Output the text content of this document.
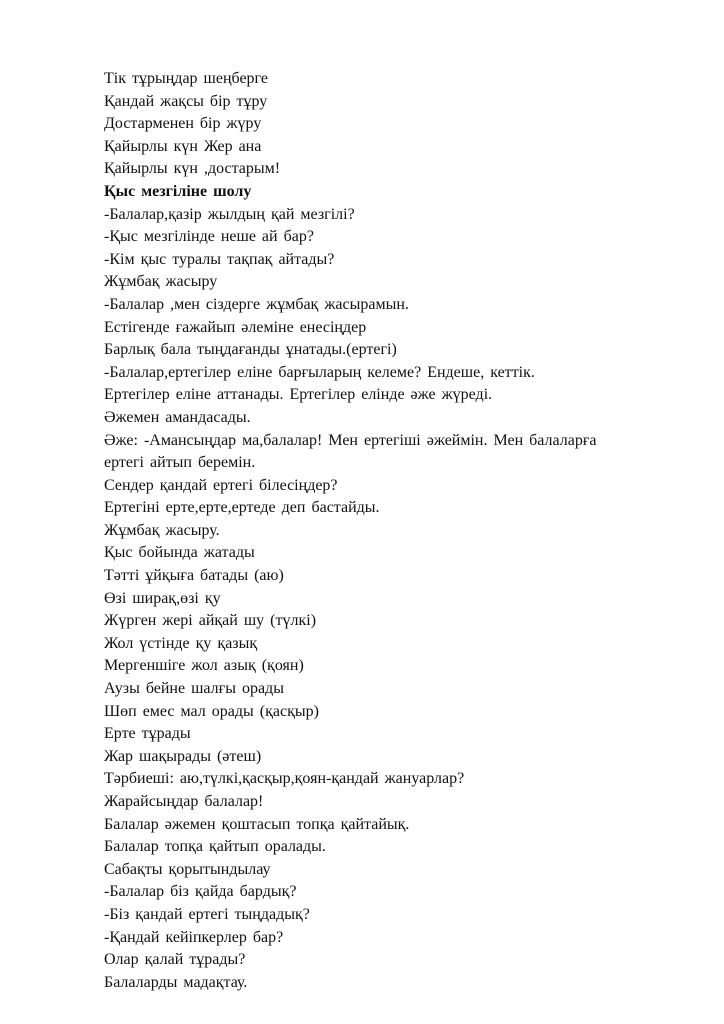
Тік тұрыңдар шеңберге
Қандай жақсы бір тұру
Достарменен бір жүру
Қайырлы күн Жер ана
Қайырлы күн ,достарым!
Қыс мезгіліне шолу
-Балалар,қазір жылдың қай мезгілі?
-Қыс мезгілінде неше ай бар?
-Кім қыс туралы тақпақ айтады?
Жұмбақ жасыру
-Балалар ,мен сіздерге жұмбақ жасырамын.
Естігенде ғажайып әлеміне енесіңдер
Барлық бала тыңдағанды ұнатады.(ертегі)
-Балалар,ертегілер еліне барғыларың келеме? Ендеше, кеттік.
Ертегілер еліне аттанады. Ертегілер елінде әже жүреді.
Әжемен амандасады.
Әже: -Амансыңдар ма,балалар! Мен ертегіші әжеймін. Мен балаларға
ертегі айтып беремін.
Сендер қандай ертегі білесіңдер?
Ертегіні ерте,ерте,ертеде деп бастайды.
Жұмбақ жасыру.
Қыс бойында жатады
Тәтті ұйқыға батады (аю)
Өзі ширақ,өзі қу
Жүрген жері айқай шу (түлкі)
Жол үстінде қу қазық
Мергеншіге жол азық (қоян)
Аузы бейне шалғы орады
Шөп емес мал орады (қасқыр)
Ерте тұрады
Жар шақырады (әтеш)
Тәрбиеші: аю,түлкі,қасқыр,қоян-қандай жануарлар?
Жарайсыңдар балалар!
Балалар әжемен қоштасып топқа қайтайық.
Балалар топқа қайтып оралады.
Сабақты қорытындылау
-Балалар біз қайда бардық?
-Біз қандай ертегі тыңдадық?
-Қандай кейіпкерлер бар?
Олар қалай тұрады?
Балаларды мадақтау.
